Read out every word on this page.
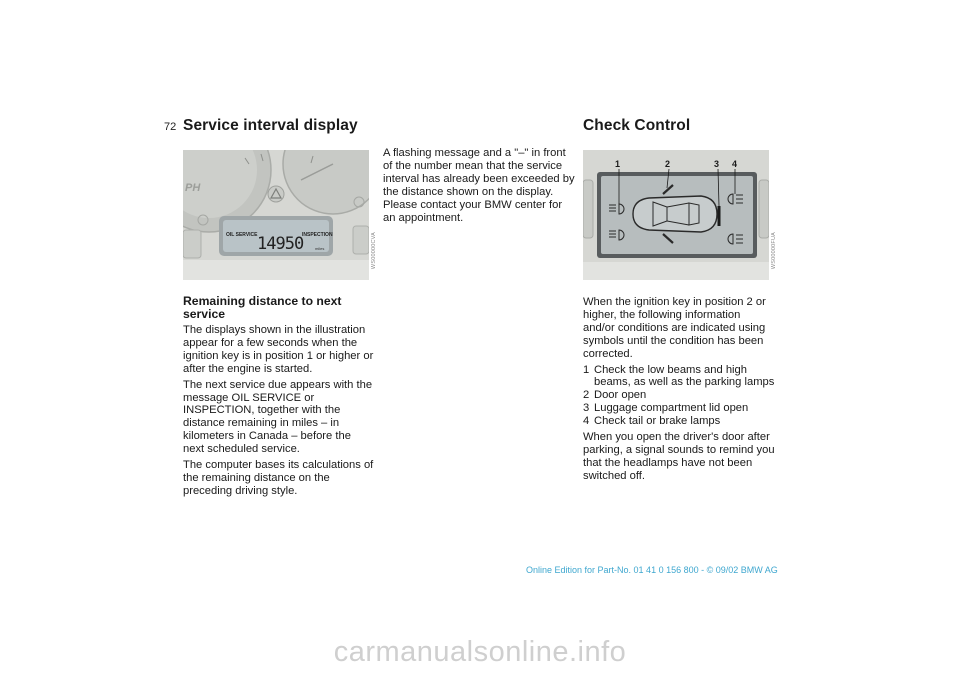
72 Service interval display
OIL SERVICE	INSPECTION
14950	miles
PH
WS00000CVA
Remaining distance to next service

The displays shown in the illustration appear for a few seconds when the ignition key is in position 1 or higher or after the engine is started.

The next service due appears with the message OIL SERVICE or INSPECTION, together with the distance remaining in miles – in kilometers in Canada – before the next scheduled service.

The computer bases its calculations of the remaining distance on the preceding driving style.

A flashing message and a "–" in front of the number mean that the service interval has already been exceeded by the distance shown on the display. Please contact your BMW center for an appointment.

Check Control
1	2	3 4
WS00000FUA

When the ignition key in position 2 or higher, the following information and/or conditions are indicated using symbols until the condition has been corrected.

1 Check the low beams and high beams, as well as the parking lamps
2 Door open
3 Luggage compartment lid open
4 Check tail or brake lamps

When you open the driver's door after parking, a signal sounds to remind you that the headlamps have not been switched off.

Online Edition for Part-No. 01 41 0 156 800 - © 09/02 BMW AG
carmanualsonline.info
